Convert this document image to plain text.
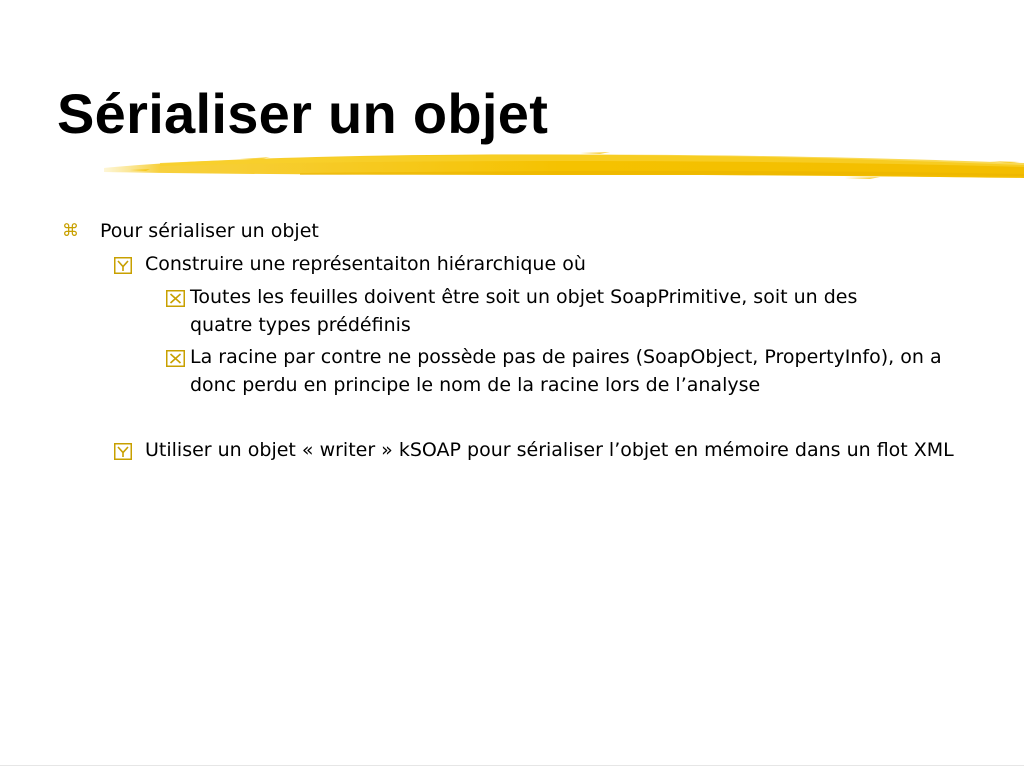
Sérialiser un objet
⌘ Pour sérialiser un objet
Construire une représentaiton hiérarchique où
Toutes les feuilles doivent être soit un objet SoapPrimitive, soit un des quatre types prédéfinis
La racine par contre ne possède pas de paires (SoapObject, PropertyInfo), on a donc perdu en principe le nom de la racine lors de l’analyse
Utiliser un objet « writer » kSOAP pour sérialiser l’objet en mémoire dans un flot XML
